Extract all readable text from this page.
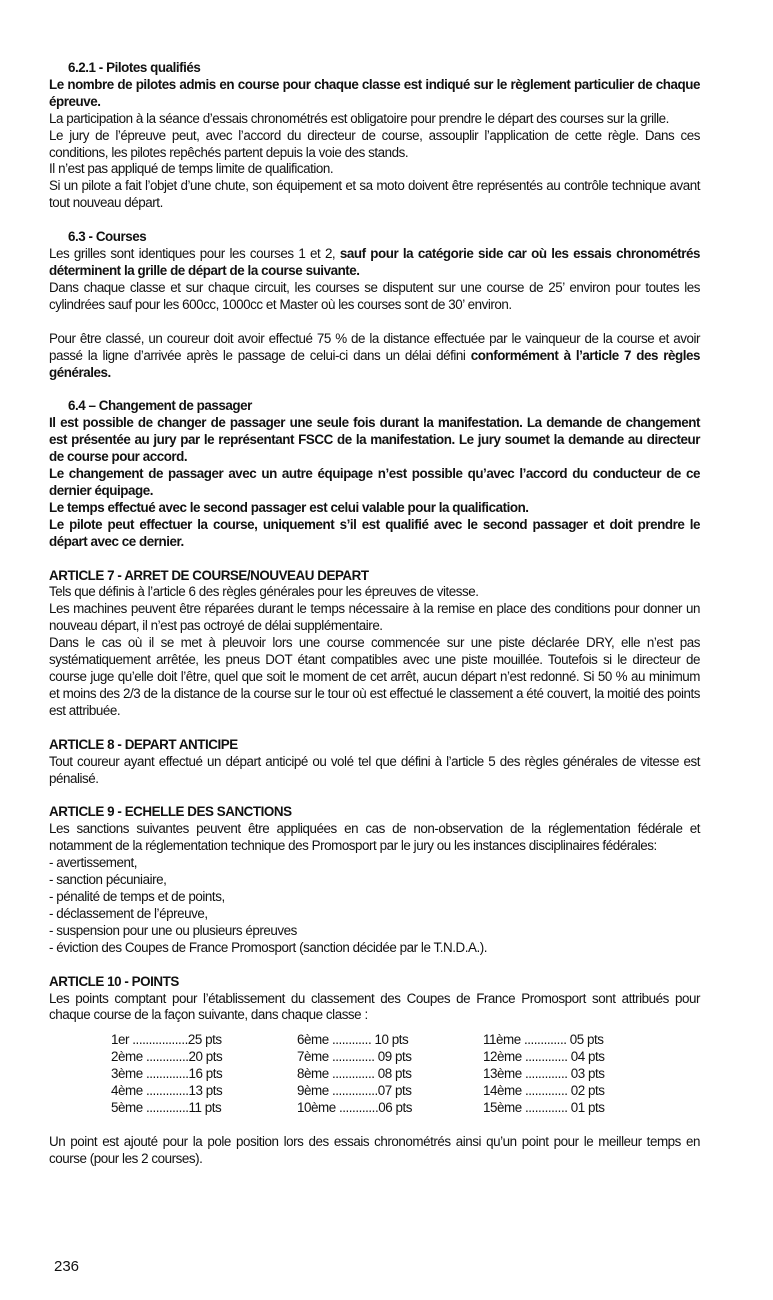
6.2.1 - Pilotes qualifiés

Le nombre de pilotes admis en course pour chaque classe est indiqué sur le règlement particulier de chaque épreuve.

La participation à la séance d’essais chronométrés est obligatoire pour prendre le départ des courses sur la grille.

Le jury de l’épreuve peut, avec l’accord du directeur de course, assouplir l’application de cette règle. Dans ces conditions, les pilotes repêchés partent depuis la voie des stands.

Il n’est pas appliqué de temps limite de qualification.

Si un pilote a fait l’objet d’une chute, son équipement et sa moto doivent être représentés au contrôle technique avant tout nouveau départ.

6.3 - Courses

Les grilles sont identiques pour les courses 1 et 2, sauf pour la catégorie side car où les essais chronométrés déterminent la grille de départ de la course suivante.

Dans chaque classe et sur chaque circuit, les courses se disputent sur une course de 25’ environ pour toutes les cylindrées sauf pour les 600cc, 1000cc et Master où les courses sont de 30’ environ.

Pour être classé, un coureur doit avoir effectué 75 % de la distance effectuée par le vainqueur de la course et avoir passé la ligne d’arrivée après le passage de celui-ci dans un délai défini conformément à l’article 7 des règles générales.

6.4 – Changement de passager

Il est possible de changer de passager une seule fois durant la manifestation. La demande de changement est présentée au jury par le représentant FSCC de la manifestation. Le jury soumet la demande au directeur de course pour accord.

Le changement de passager avec un autre équipage n’est possible qu’avec l’accord du conducteur de ce dernier équipage.

Le temps effectué avec le second passager est celui valable pour la qualification.

Le pilote peut effectuer la course, uniquement s’il est qualifié avec le second passager et doit prendre le départ avec ce dernier.

ARTICLE 7 - ARRET DE COURSE/NOUVEAU DEPART

Tels que définis à l’article 6 des règles générales pour les épreuves de vitesse.

Les machines peuvent être réparées durant le temps nécessaire à la remise en place des conditions pour donner un nouveau départ, il n’est pas octroyé de délai supplémentaire.

Dans le cas où il se met à pleuvoir lors une course commencée sur une piste déclarée DRY, elle n’est pas systématiquement arrêtée, les pneus DOT étant compatibles avec une piste mouillée. Toutefois si le directeur de course juge qu’elle doit l’être, quel que soit le moment de cet arrêt, aucun départ n’est redonné. Si 50 % au minimum et moins des 2/3 de la distance de la course sur le tour où est effectué le classement a été couvert, la moitié des points est attribuée.

ARTICLE 8 - DEPART ANTICIPE

Tout coureur ayant effectué un départ anticipé ou volé tel que défini à l’article 5 des règles générales de vitesse est pénalisé.

ARTICLE 9 - ECHELLE DES SANCTIONS

Les sanctions suivantes peuvent être appliquées en cas de non-observation de la réglementation fédérale et notamment de la réglementation technique des Promosport par le jury ou les instances disciplinaires fédérales:

- avertissement,

- sanction pécuniaire,

- pénalité de temps et de points,

- déclassement de l’épreuve,

- suspension pour une ou plusieurs épreuves

- éviction des Coupes de France Promosport (sanction décidée par le T.N.D.A.).

ARTICLE 10 - POINTS

Les points comptant pour l’établissement du classement des Coupes de France Promosport sont attribués pour chaque course de la façon suivante, dans chaque classe :

1er .................25 pts
2ème .............20 pts
3ème .............16 pts
4ème .............13 pts
5ème .............11 pts
6ème ............ 10 pts
7ème ............. 09 pts
8ème ............. 08 pts
9ème ..............07 pts
10ème ............06 pts
11ème ............. 05 pts
12ème ............. 04 pts
13ème ............. 03 pts
14ème ............. 02 pts
15ème ............. 01 pts

Un point est ajouté pour la pole position lors des essais chronométrés ainsi qu’un point pour le meilleur temps en course (pour les 2 courses).

236
